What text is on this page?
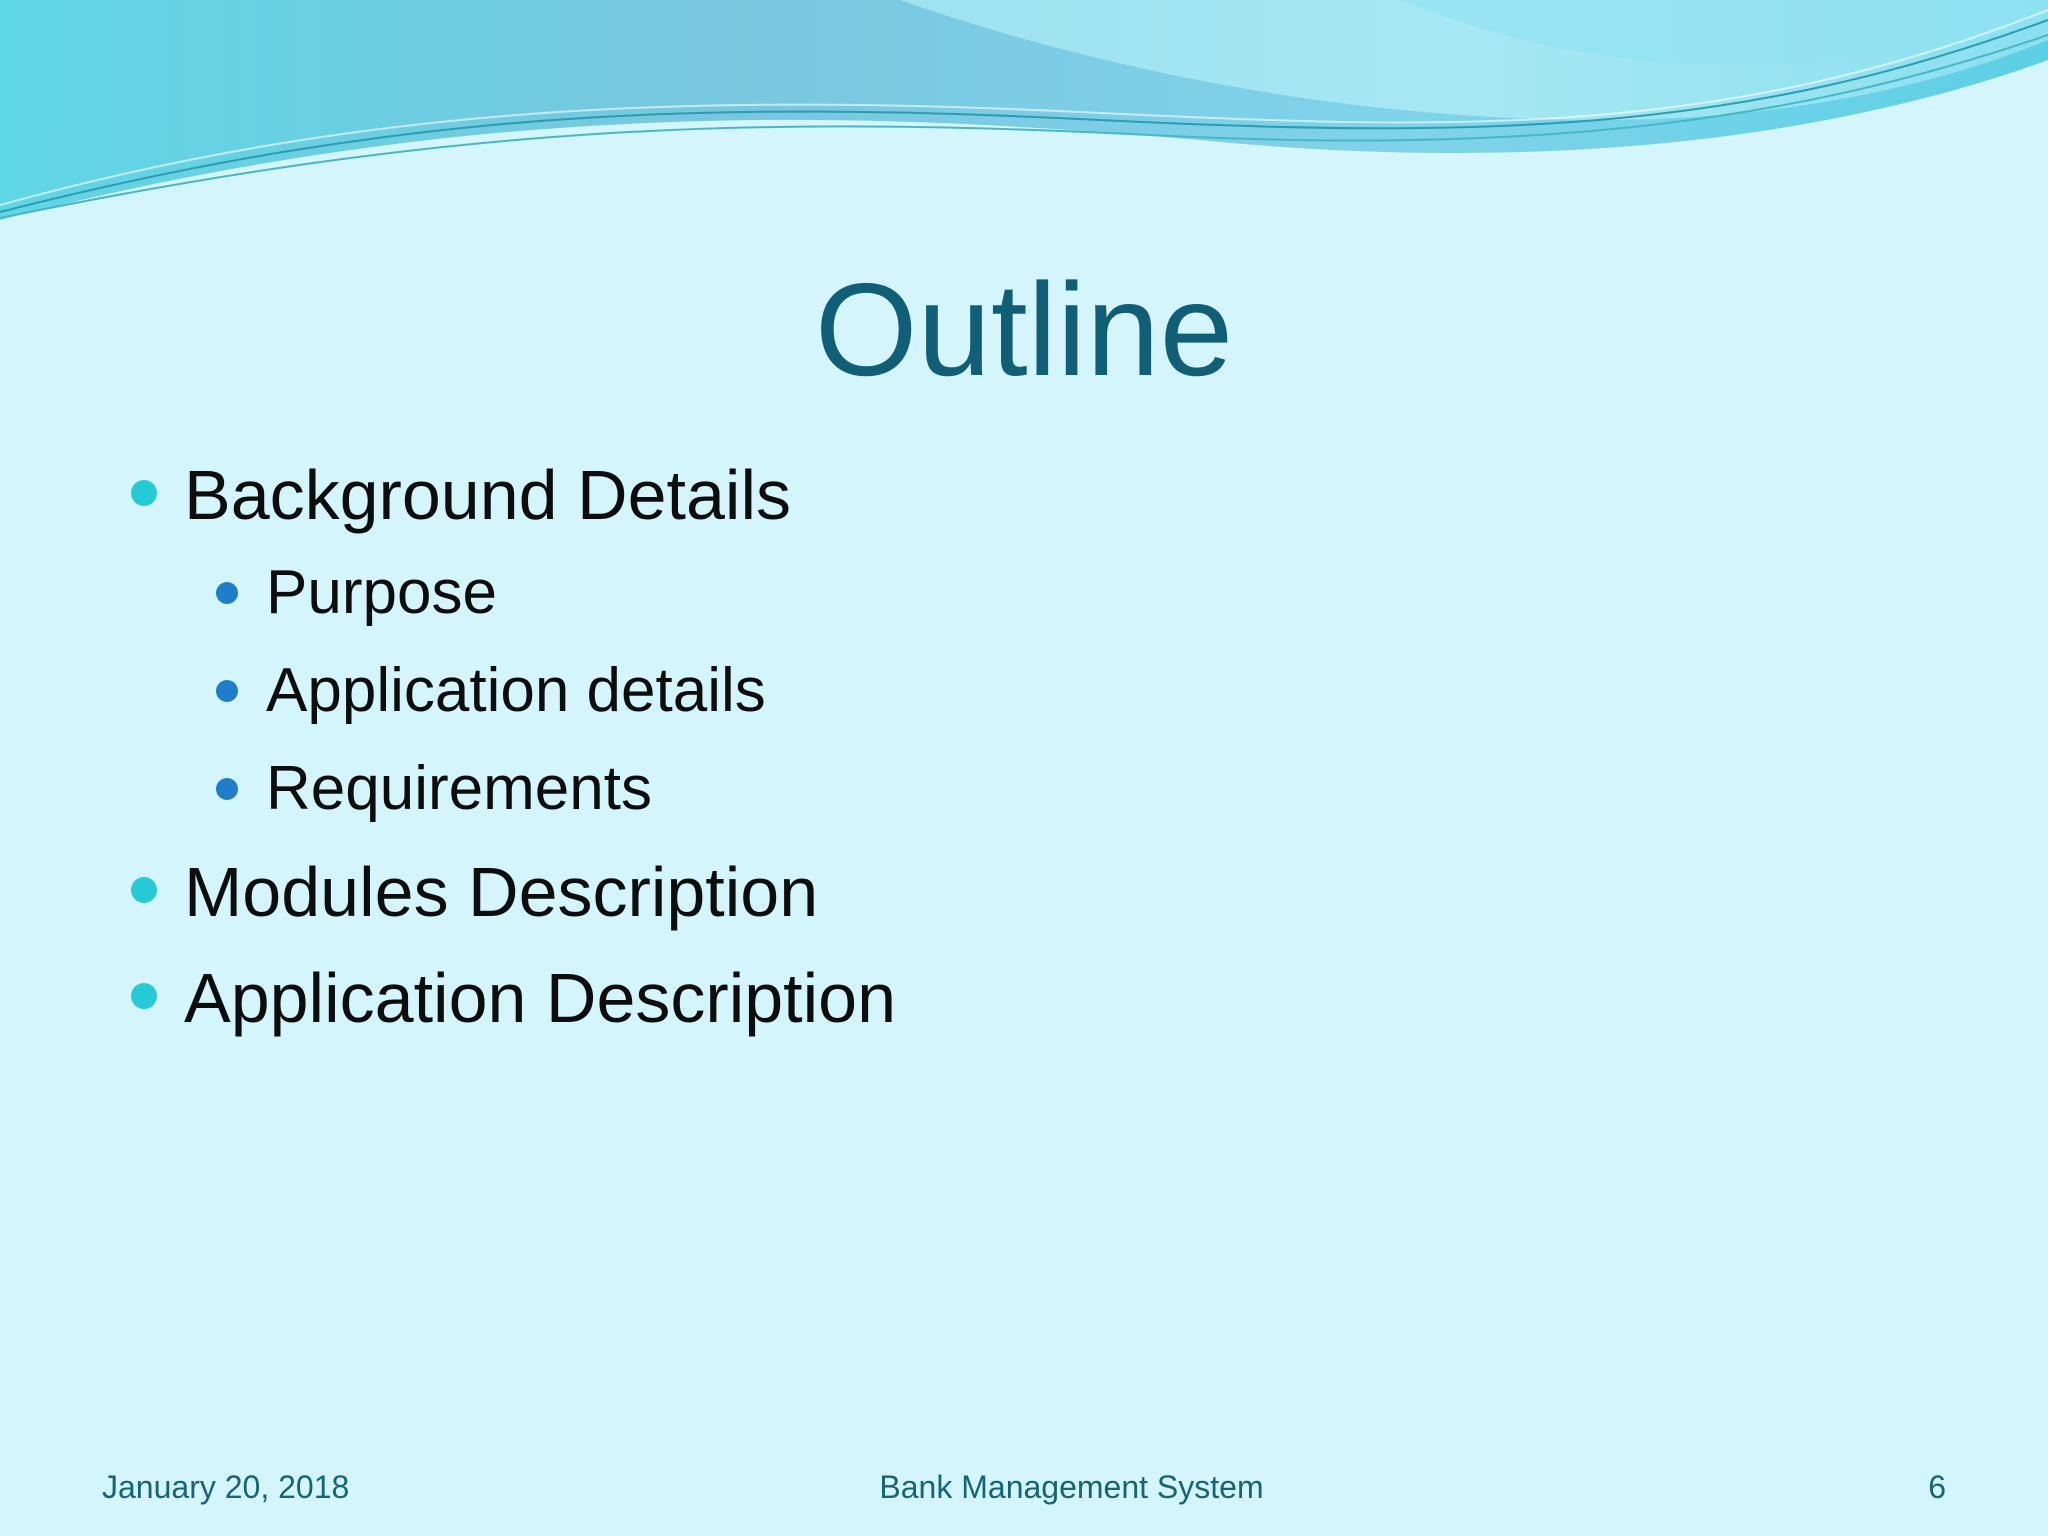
Outline
Background Details
Purpose
Application details
Requirements
Modules Description
Application Description
January 20, 2018	Bank Management System	6
